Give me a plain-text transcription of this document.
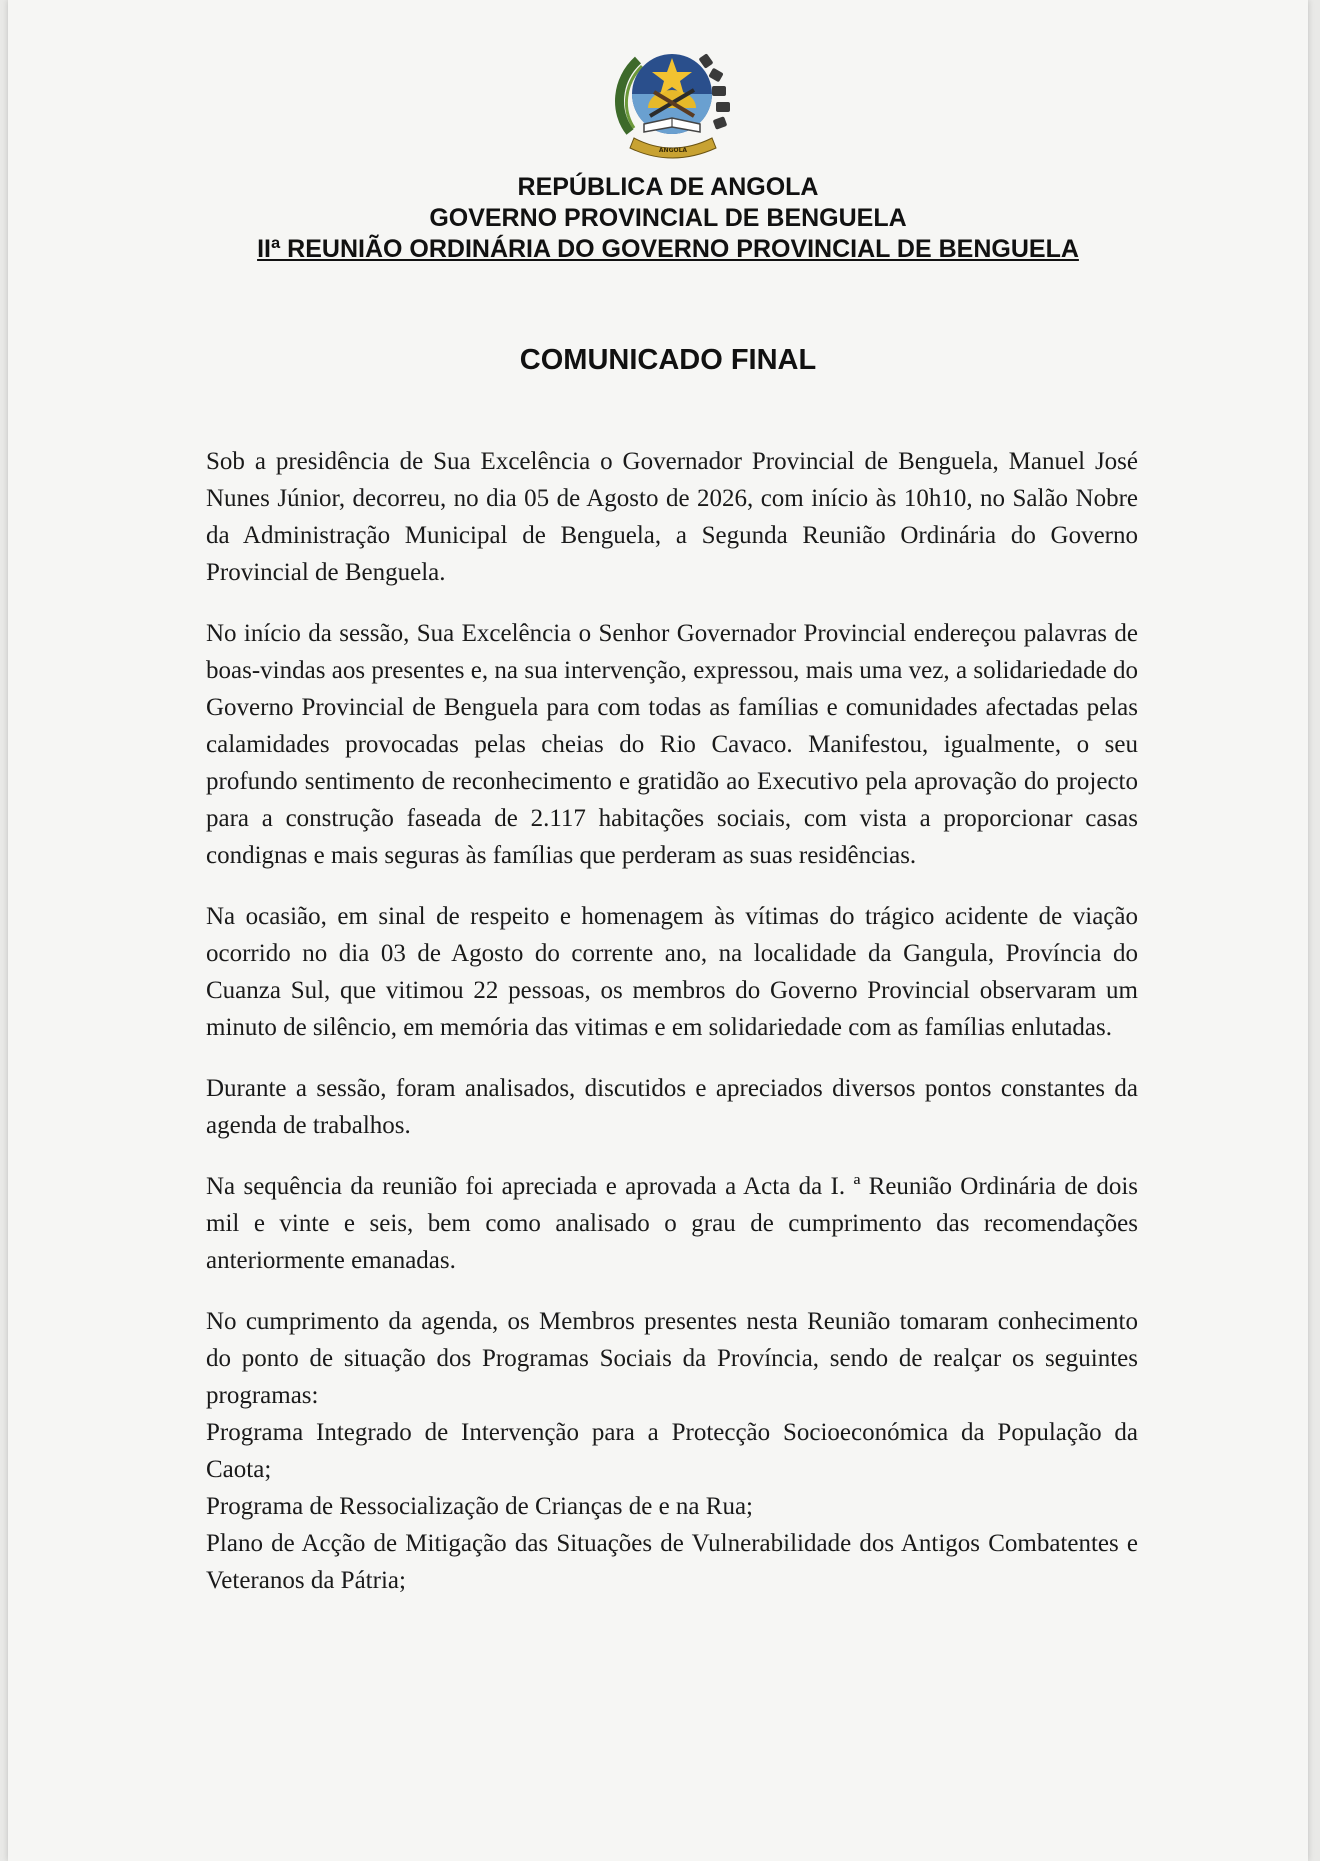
ANGOLA
REPÚBLICA DE ANGOLA
GOVERNO PROVINCIAL DE BENGUELA
IIª REUNIÃO ORDINÁRIA DO GOVERNO PROVINCIAL DE BENGUELA
COMUNICADO FINAL

Sob a presidência de Sua Excelência o Governador Provincial de Benguela, Manuel José Nunes Júnior, decorreu, no dia 05 de Agosto de 2026, com início às 10h10, no Salão Nobre da Administração Municipal de Benguela, a Segunda Reunião Ordinária do Governo Provincial de Benguela.

No início da sessão, Sua Excelência o Senhor Governador Provincial endereçou palavras de boas-vindas aos presentes e, na sua intervenção, expressou, mais uma vez, a solidariedade do Governo Provincial de Benguela para com todas as famílias e comunidades afectadas pelas calamidades provocadas pelas cheias do Rio Cavaco. Manifestou, igualmente, o seu profundo sentimento de reconhecimento e gratidão ao Executivo pela aprovação do projecto para a construção faseada de 2.117 habitações sociais, com vista a proporcionar casas condignas e mais seguras às famílias que perderam as suas residências.

Na ocasião, em sinal de respeito e homenagem às vítimas do trágico acidente de viação ocorrido no dia 03 de Agosto do corrente ano, na localidade da Gangula, Província do Cuanza Sul, que vitimou 22 pessoas, os membros do Governo Provincial observaram um minuto de silêncio, em memória das vitimas e em solidariedade com as famílias enlutadas.

Durante a sessão, foram analisados, discutidos e apreciados diversos pontos constantes da agenda de trabalhos.

Na sequência da reunião foi apreciada e aprovada a Acta da I. ª Reunião Ordinária de dois mil e vinte e seis, bem como analisado o grau de cumprimento das recomendações anteriormente emanadas.

No cumprimento da agenda, os Membros presentes nesta Reunião tomaram conhecimento do ponto de situação dos Programas Sociais da Província, sendo de realçar os seguintes programas:

Programa Integrado de Intervenção para a Protecção Socioeconómica da População da Caota;
Programa de Ressocialização de Crianças de e na Rua;
Plano de Acção de Mitigação das Situações de Vulnerabilidade dos Antigos Combatentes e Veteranos da Pátria;
